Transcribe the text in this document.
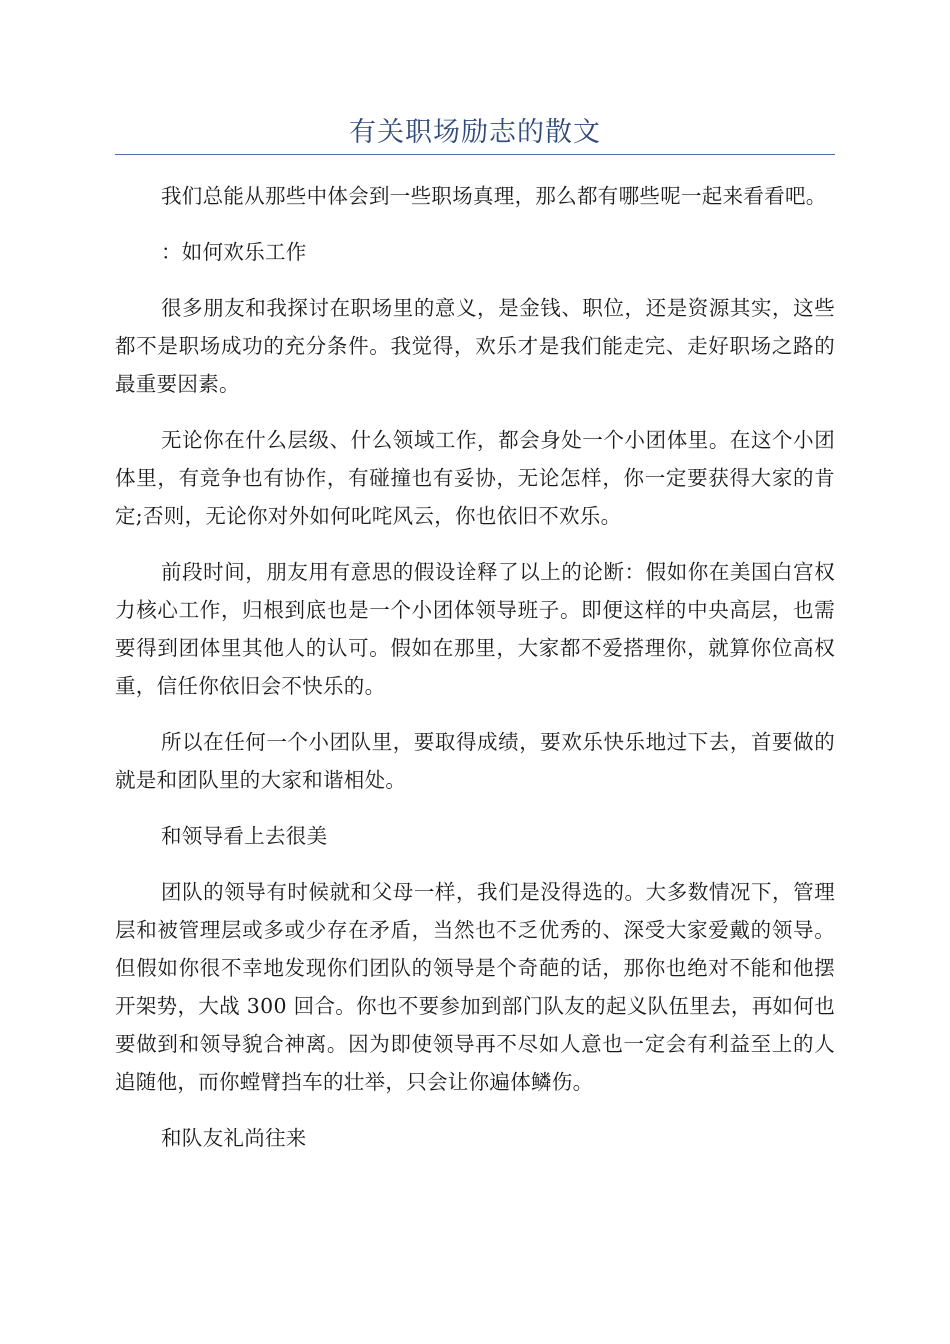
有关职场励志的散文

我们总能从那些中体会到一些职场真理，那么都有哪些呢一起来看看吧。

：如何欢乐工作

很多朋友和我探讨在职场里的意义，是金钱、职位，还是资源其实，这些都不是职场成功的充分条件。我觉得，欢乐才是我们能走完、走好职场之路的最重要因素。

无论你在什么层级、什么领域工作，都会身处一个小团体里。在这个小团体里，有竞争也有协作，有碰撞也有妥协，无论怎样，你一定要获得大家的肯定;否则，无论你对外如何叱咤风云，你也依旧不欢乐。

前段时间，朋友用有意思的假设诠释了以上的论断：假如你在美国白宫权力核心工作，归根到底也是一个小团体领导班子。即便这样的中央高层，也需要得到团体里其他人的认可。假如在那里，大家都不爱搭理你，就算你位高权重，信任你依旧会不快乐的。

所以在任何一个小团队里，要取得成绩，要欢乐快乐地过下去，首要做的就是和团队里的大家和谐相处。

和领导看上去很美

团队的领导有时候就和父母一样，我们是没得选的。大多数情况下，管理层和被管理层或多或少存在矛盾，当然也不乏优秀的、深受大家爱戴的领导。但假如你很不幸地发现你们团队的领导是个奇葩的话，那你也绝对不能和他摆开架势，大战 300 回合。你也不要参加到部门队友的起义队伍里去，再如何也要做到和领导貌合神离。因为即使领导再不尽如人意也一定会有利益至上的人追随他，而你螳臂挡车的壮举，只会让你遍体鳞伤。

和队友礼尚往来
